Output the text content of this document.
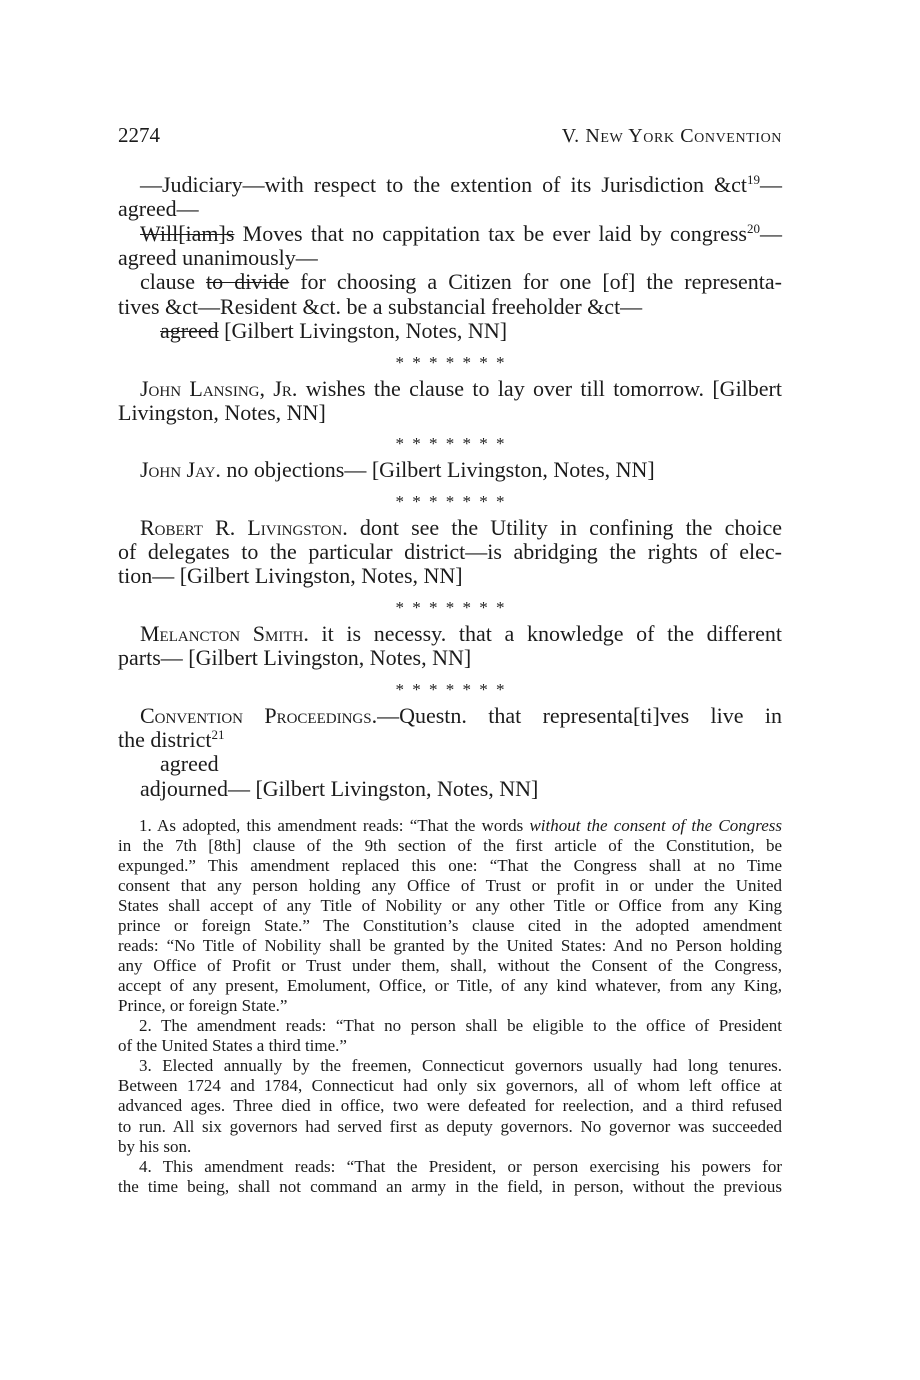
2274	V. New York Convention
—Judiciary—with respect to the extention of its Jurisdiction $\&ct^{19}—$
agreed—
Will[iam]s Moves that no cappitation tax be ever laid by congress$^{20}$—
agreed unanimously—
clause to divide for choosing a Citizen for one [of] the representa-
tives &ct—Resident &ct. be a substancial freeholder &ct—
agreed [Gilbert Livingston, Notes, NN]
* * * * * * *
John Lansing, Jr. wishes the clause to lay over till tomorrow. [Gilbert
Livingston, Notes, NN]
* * * * * * *
John Jay. no objections— [Gilbert Livingston, Notes, NN]
* * * * * * *
Robert R. Livingston. dont see the Utility in confining the choice
of delegates to the particular district—is abridging the rights of elec-
tion— [Gilbert Livingston, Notes, NN]
* * * * * * *
Melancton Smith. it is necessy. that a knowledge of the different
parts— [Gilbert Livingston, Notes, NN]
* * * * * * *
Convention Proceedings.—Questn. that representa[ti]ves live in
the district$^{21}$
agreed
adjourned— [Gilbert Livingston, Notes, NN]
1. As adopted, this amendment reads: “That the words without the consent of the Congress
in the 7th [8th] clause of the 9th section of the first article of the Constitution, be
expunged.” This amendment replaced this one: “That the Congress shall at no Time
consent that any person holding any Office of Trust or profit in or under the United
States shall accept of any Title of Nobility or any other Title or Office from any King
prince or foreign State.” The Constitution’s clause cited in the adopted amendment
reads: “No Title of Nobility shall be granted by the United States: And no Person holding
any Office of Profit or Trust under them, shall, without the Consent of the Congress,
accept of any present, Emolument, Office, or Title, of any kind whatever, from any King,
Prince, or foreign State.”
2. The amendment reads: “That no person shall be eligible to the office of President
of the United States a third time.”
3. Elected annually by the freemen, Connecticut governors usually had long tenures.
Between 1724 and 1784, Connecticut had only six governors, all of whom left office at
advanced ages. Three died in office, two were defeated for reelection, and a third refused
to run. All six governors had served first as deputy governors. No governor was succeeded
by his son.
4. This amendment reads: “That the President, or person exercising his powers for
the time being, shall not command an army in the field, in person, without the previous
